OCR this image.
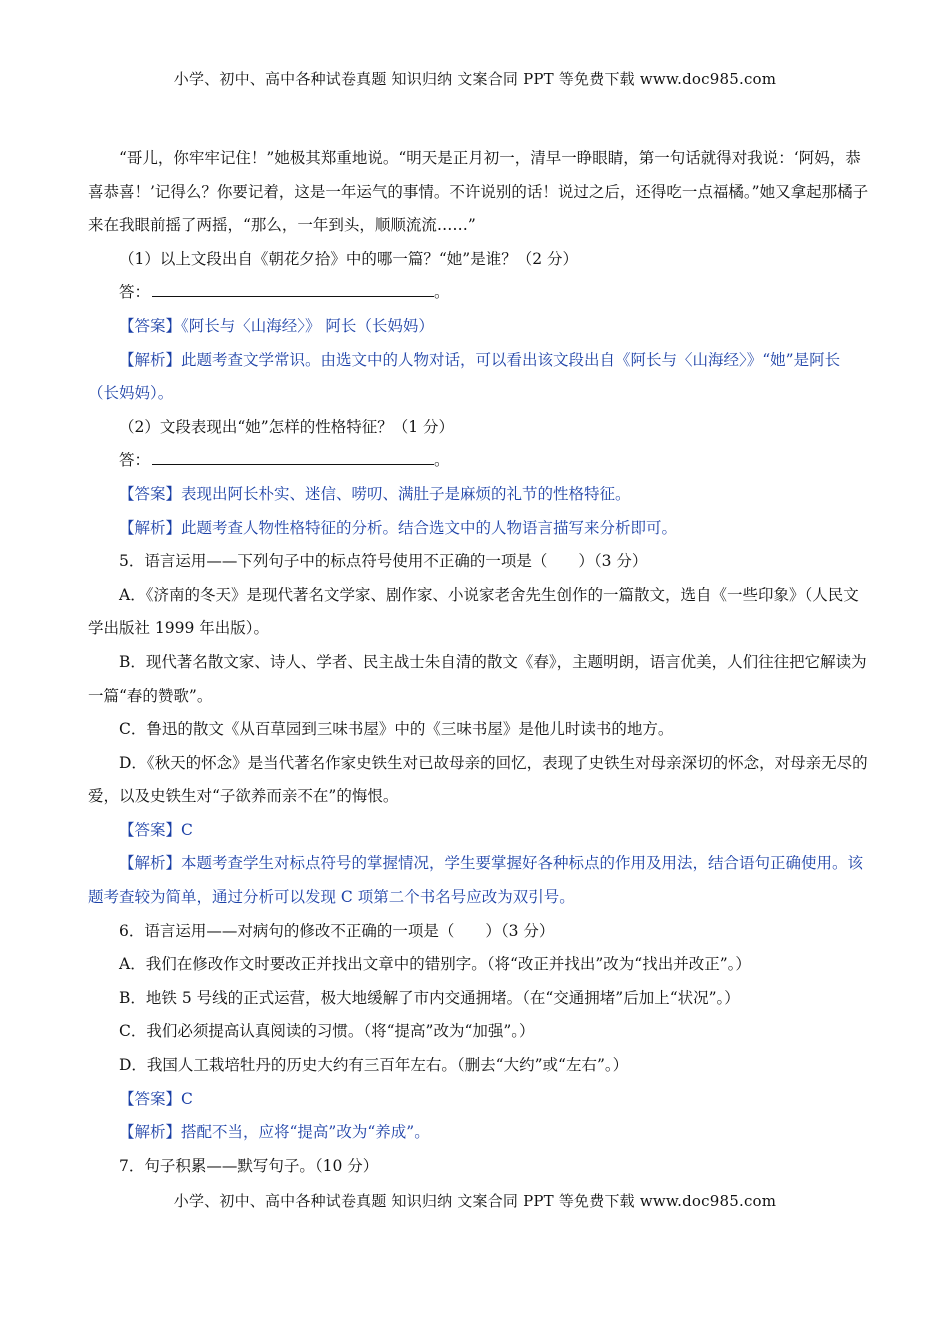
小学、初中、高中各种试卷真题 知识归纳 文案合同 PPT 等免费下载 www.doc985.com

“哥儿，你牢牢记住！”她极其郑重地说。“明天是正月初一，清早一睁眼睛，第一句话就得对我说：‘阿妈，恭喜恭喜！’记得么？你要记着，这是一年运气的事情。不许说别的话！说过之后，还得吃一点福橘。”她又拿起那橘子来在我眼前摇了两摇，“那么，一年到头，顺顺流流……”

（1）以上文段出自《朝花夕拾》中的哪一篇？“她”是谁？（2 分）

答：	。

【答案】《阿长与〈山海经〉》 阿长（长妈妈）

【解析】此题考查文学常识。由选文中的人物对话，可以看出该文段出自《阿长与〈山海经〉》“她”是阿长（长妈妈）。

（2）文段表现出“她”怎样的性格特征？（1 分）

答：	。

【答案】表现出阿长朴实、迷信、唠叨、满肚子是麻烦的礼节的性格特征。

【解析】此题考查人物性格特征的分析。结合选文中的人物语言描写来分析即可。

5．语言运用——下列句子中的标点符号使用不正确的一项是（　　）（3 分）

A．《济南的冬天》是现代著名文学家、剧作家、小说家老舍先生创作的一篇散文，选自《一些印象》（人民文学出版社 1999 年出版）。

B．现代著名散文家、诗人、学者、民主战士朱自清的散文《春》，主题明朗，语言优美，人们往往把它解读为一篇“春的赞歌”。

C．鲁迅的散文《从百草园到三味书屋》中的《三味书屋》是他儿时读书的地方。

D．《秋天的怀念》是当代著名作家史铁生对已故母亲的回忆，表现了史铁生对母亲深切的怀念，对母亲无尽的爱，以及史铁生对“子欲养而亲不在”的悔恨。

【答案】C

【解析】本题考查学生对标点符号的掌握情况，学生要掌握好各种标点的作用及用法，结合语句正确使用。该题考查较为简单，通过分析可以发现 C 项第二个书名号应改为双引号。

6．语言运用——对病句的修改不正确的一项是（　　）（3 分）

A．我们在修改作文时要改正并找出文章中的错别字。（将“改正并找出”改为“找出并改正”。）

B．地铁 5 号线的正式运营，极大地缓解了市内交通拥堵。（在“交通拥堵”后加上“状况”。）

C．我们必须提高认真阅读的习惯。（将“提高”改为“加强”。）

D．我国人工栽培牡丹的历史大约有三百年左右。（删去“大约”或“左右”。）

【答案】C

【解析】搭配不当，应将“提高”改为“养成”。

7．句子积累——默写句子。（10 分）

小学、初中、高中各种试卷真题 知识归纳 文案合同 PPT 等免费下载 www.doc985.com
